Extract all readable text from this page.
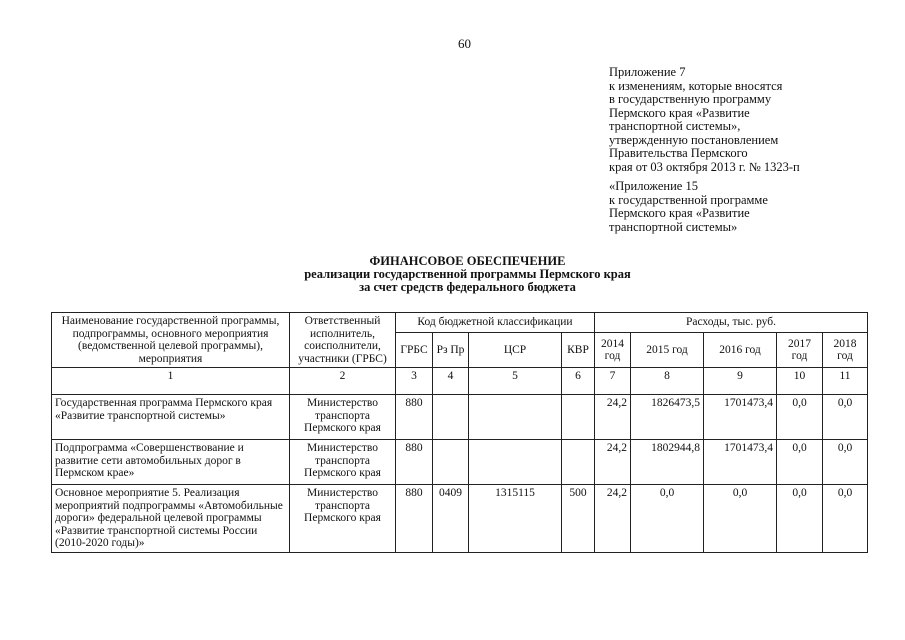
60
Приложение 7
к изменениям, которые вносятся
в государственную программу
Пермского края «Развитие
транспортной системы»,
утвержденную постановлением
Правительства Пермского
края от 03 октября 2013 г. № 1323-п
«Приложение 15
к государственной программе
Пермского края «Развитие
транспортной системы»
ФИНАНСОВОЕ ОБЕСПЕЧЕНИЕ
реализации государственной программы Пермского края
за счет средств федерального бюджета
Наименование государственной программы, подпрограммы, основного мероприятия (ведомственной целевой программы), мероприятия	Ответственный исполнитель, соисполнители, участники (ГРБС)	Код бюджетной классификации				Расходы, тыс. руб.				
		ГРБС	Рз Пр	ЦСР	КВР	2014 год	2015 год	2016 год	2017 год	2018 год
1	2	3	4	5	6	7	8	9	10	11
Государственная программа Пермского края «Развитие транспортной системы»	Министерство транспорта Пермского края	880				24,2	1826473,5	1701473,4	0,0	0,0
Подпрограмма «Совершенствование и развитие сети автомобильных дорог в Пермском крае»	Министерство транспорта Пермского края	880				24,2	1802944,8	1701473,4	0,0	0,0
Основное мероприятие 5. Реализация мероприятий подпрограммы «Автомобильные дороги» федеральной целевой программы «Развитие транспортной системы России (2010-2020 годы)»	Министерство транспорта Пермского края	880	0409	1315115	500	24,2	0,0	0,0	0,0	0,0
